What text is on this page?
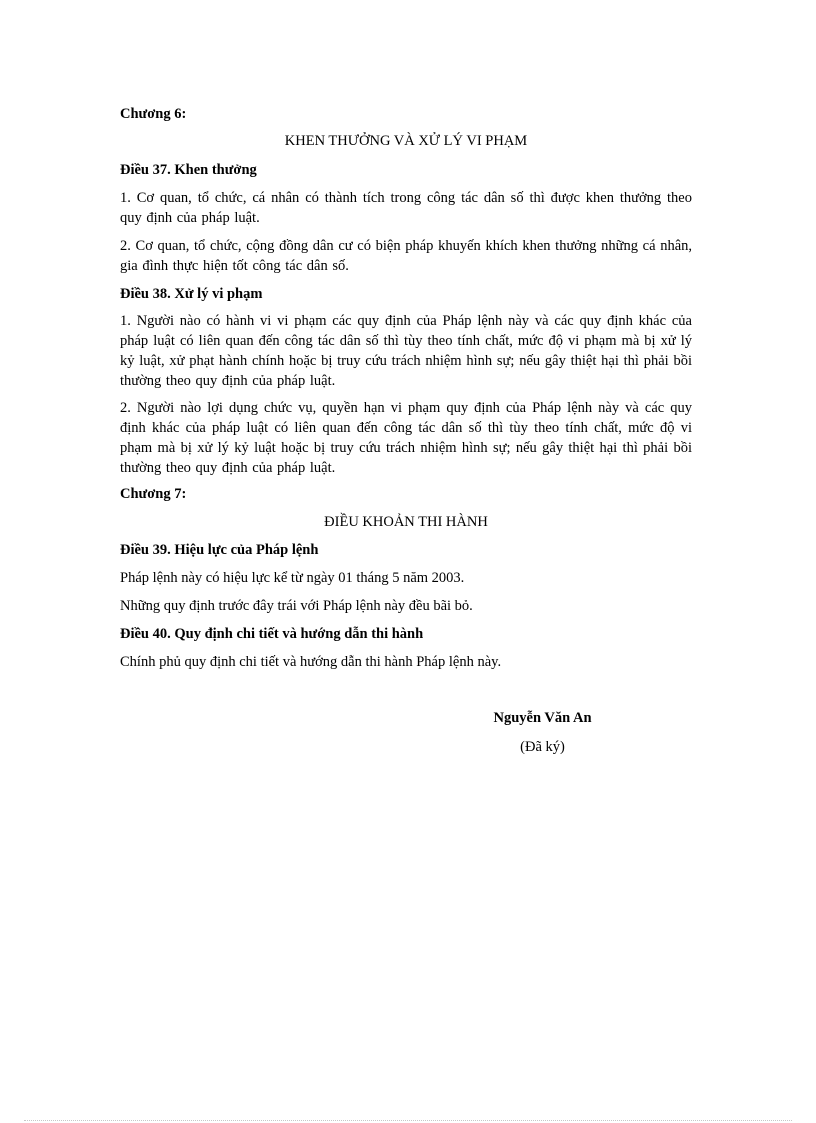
Chương 6:

KHEN THƯỞNG VÀ XỬ LÝ VI PHẠM

Điều 37. Khen thưởng

1. Cơ quan, tổ chức, cá nhân có thành tích trong công tác dân số thì được khen thưởng theo quy định của pháp luật.

2. Cơ quan, tổ chức, cộng đồng dân cư có biện pháp khuyến khích khen thưởng những cá nhân, gia đình thực hiện tốt công tác dân số.

Điều 38. Xử lý vi phạm

1. Người nào có hành vi vi phạm các quy định của Pháp lệnh này và các quy định khác của pháp luật có liên quan đến công tác dân số thì tùy theo tính chất, mức độ vi phạm mà bị xử lý kỷ luật, xử phạt hành chính hoặc bị truy cứu trách nhiệm hình sự; nếu gây thiệt hại thì phải bồi thường theo quy định của pháp luật.

2. Người nào lợi dụng chức vụ, quyền hạn vi phạm quy định của Pháp lệnh này và các quy định khác của pháp luật có liên quan đến công tác dân số thì tùy theo tính chất, mức độ vi phạm mà bị xử lý kỷ luật hoặc bị truy cứu trách nhiệm hình sự; nếu gây thiệt hại thì phải bồi thường theo quy định của pháp luật.

Chương 7:

ĐIỀU KHOẢN THI HÀNH

Điều 39. Hiệu lực của Pháp lệnh

Pháp lệnh này có hiệu lực kể từ ngày 01 tháng 5 năm 2003.

Những quy định trước đây trái với Pháp lệnh này đều bãi bỏ.

Điều 40. Quy định chi tiết và hướng dẫn thi hành

Chính phủ quy định chi tiết và hướng dẫn thi hành Pháp lệnh này.

Nguyễn Văn An

(Đã ký)
